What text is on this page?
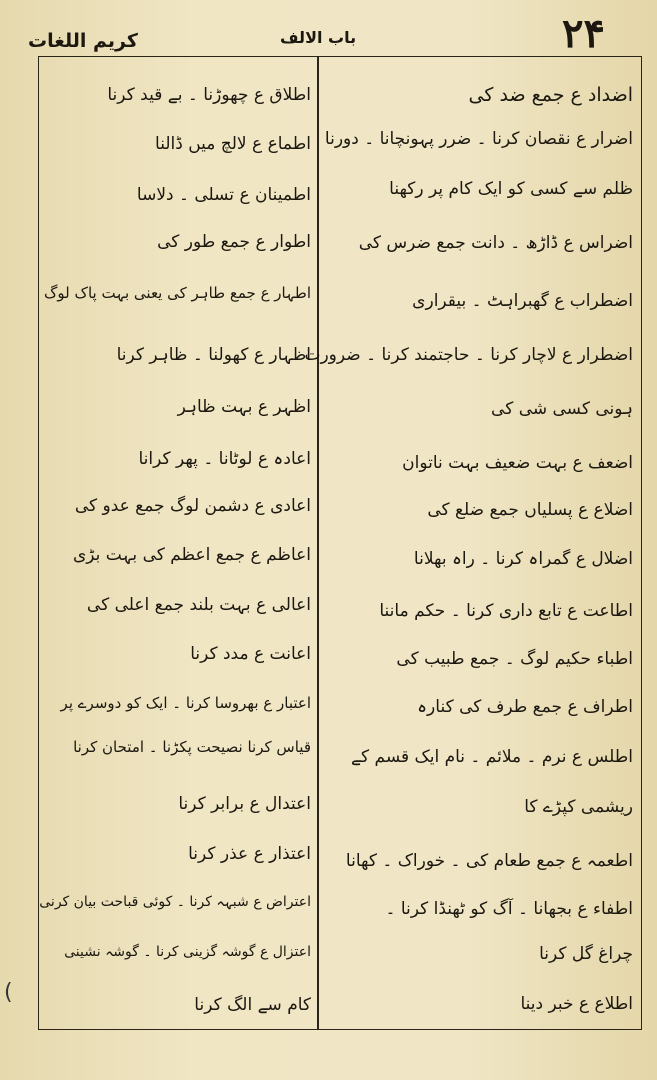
کریم اللغات	باب الالف	۲۴
اضداد ع جمع ضد کی
اضرار ع نقصان کرنا ۔ ضرر پہونچانا ۔ دورنا
ظلم سے کسی کو ایک کام پر رکھنا
اضراس ع ڈاڑھ ۔ دانت جمع ضرس کی
اضطراب ع گھبراہٹ ۔ بیقراری
اضطرار ع لاچار کرنا ۔ حاجتمند کرنا ۔ ضرورت
ہونی کسی شی کی
اضعف ع بہت ضعیف بہت ناتوان
اضلاع ع پسلیاں جمع ضلع کی
اضلال ع گمراہ کرنا ۔ راہ بھلانا
اطاعت ع تابع داری کرنا ۔ حکم ماننا
اطباء حکیم لوگ ۔ جمع طبیب کی
اطراف ع جمع طرف کی کنارہ
اطلس ع نرم ۔ ملائم ۔ نام ایک قسم کے
ریشمی کپڑے کا
اطعمہ ع جمع طعام کی ۔ خوراک ۔ کھانا
اطفاء ع بجھانا ۔ آگ کو ٹھنڈا کرنا ۔
چراغ گل کرنا
اطلاع ع خبر دینا
اطلاق ع چھوڑنا ۔ بے قید کرنا
اطماع ع لالچ میں ڈالنا
اطمینان ع تسلی ۔ دلاسا
اطوار ع جمع طور کی
اطہار ع جمع طاہر کی یعنی بہت پاک لوگ
اظہار ع کھولنا ۔ ظاہر کرنا
اظہر ع بہت ظاہر
اعادہ ع لوٹانا ۔ پھر کرانا
اعادی ع دشمن لوگ جمع عدو کی
اعاظم ع جمع اعظم کی بہت بڑی
اعالی ع بہت بلند جمع اعلی کی
اعانت ع مدد کرنا
اعتبار ع بھروسا کرنا ۔ ایک کو دوسرے پر
قیاس کرنا نصیحت پکڑنا ۔ امتحان کرنا
اعتدال ع برابر کرنا
اعتذار ع عذر کرنا
اعتراض ع شبہہ کرنا ۔ کوئی قباحت بیان کرنی
اعتزال ع گوشہ گزینی کرنا ۔ گوشہ نشینی
کام سے الگ کرنا
(
